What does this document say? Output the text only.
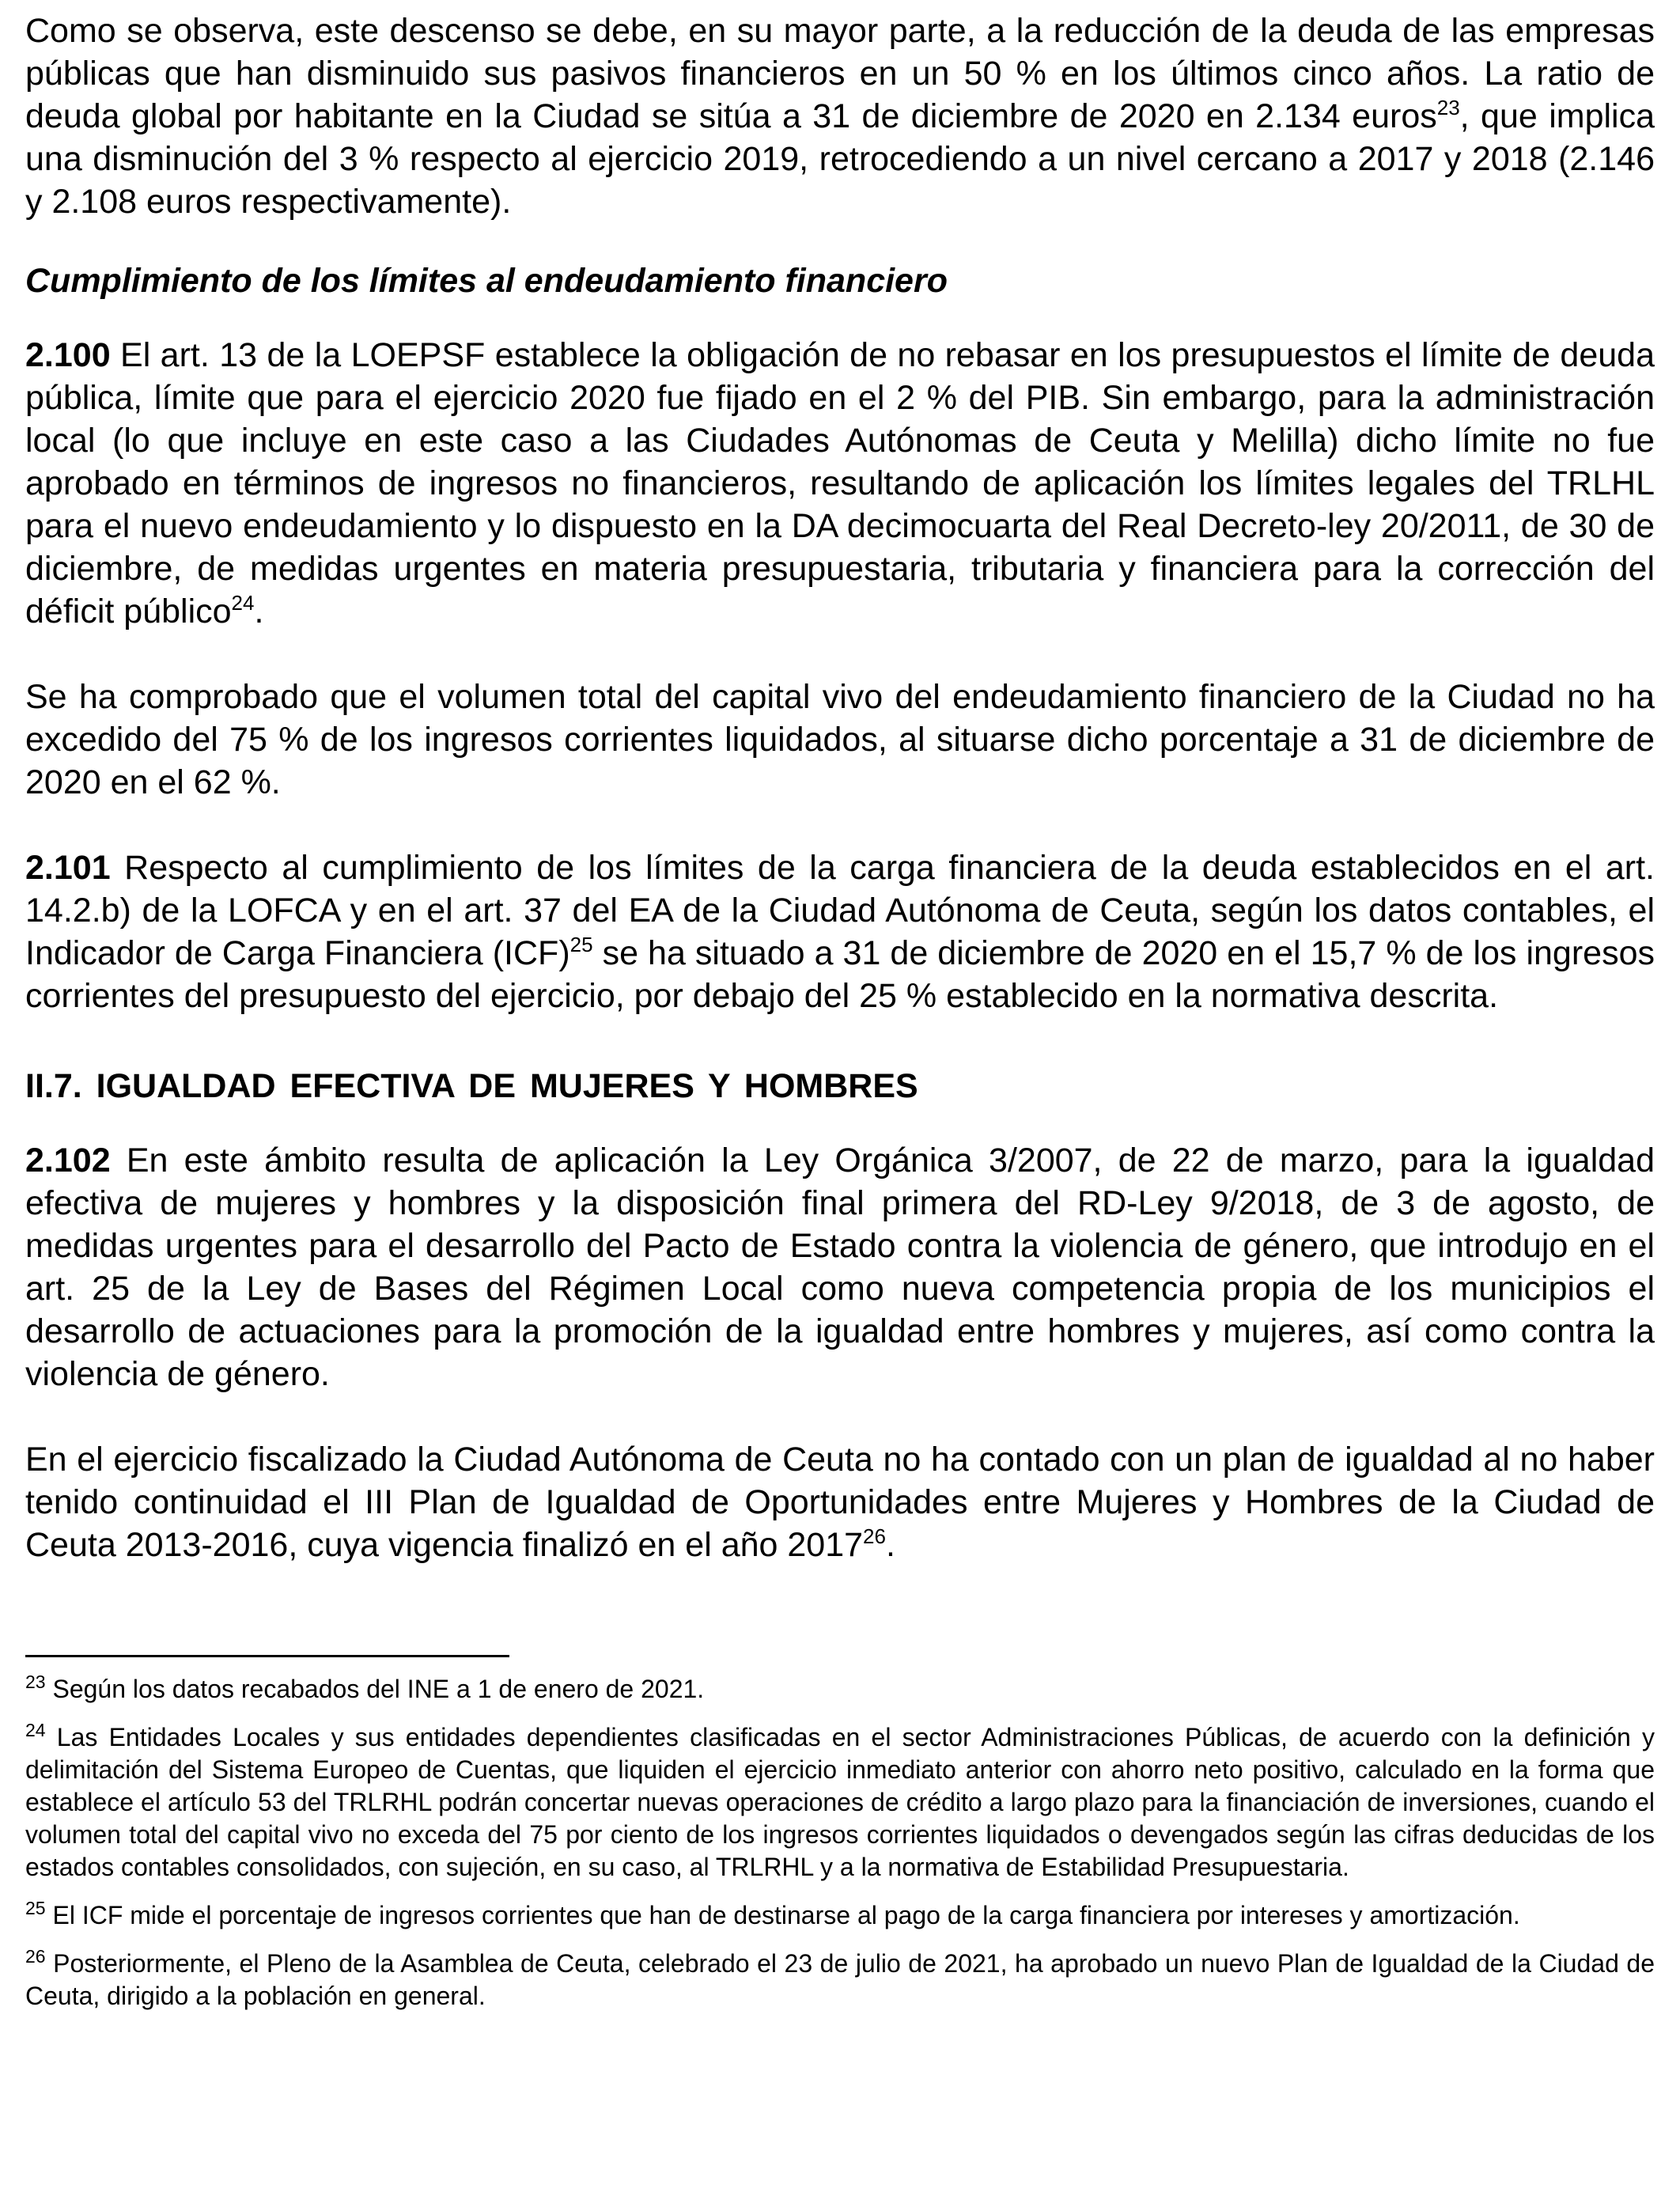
Como se observa, este descenso se debe, en su mayor parte, a la reducción de la deuda de las empresas públicas que han disminuido sus pasivos financieros en un 50 % en los últimos cinco años. La ratio de deuda global por habitante en la Ciudad se sitúa a 31 de diciembre de 2020 en 2.134 euros$^{23}$, que implica una disminución del 3 % respecto al ejercicio 2019, retrocediendo a un nivel cercano a 2017 y 2018 (2.146 y 2.108 euros respectivamente).

Cumplimiento de los límites al endeudamiento financiero

2.100 El art. 13 de la LOEPSF establece la obligación de no rebasar en los presupuestos el límite de deuda pública, límite que para el ejercicio 2020 fue fijado en el 2 % del PIB. Sin embargo, para la administración local (lo que incluye en este caso a las Ciudades Autónomas de Ceuta y Melilla) dicho límite no fue aprobado en términos de ingresos no financieros, resultando de aplicación los límites legales del TRLHL para el nuevo endeudamiento y lo dispuesto en la DA decimocuarta del Real Decreto-ley 20/2011, de 30 de diciembre, de medidas urgentes en materia presupuestaria, tributaria y financiera para la corrección del déficit público$^{24}$.

Se ha comprobado que el volumen total del capital vivo del endeudamiento financiero de la Ciudad no ha excedido del 75 % de los ingresos corrientes liquidados, al situarse dicho porcentaje a 31 de diciembre de 2020 en el 62 %.

2.101 Respecto al cumplimiento de los límites de la carga financiera de la deuda establecidos en el art. 14.2.b) de la LOFCA y en el art. 37 del EA de la Ciudad Autónoma de Ceuta, según los datos contables, el Indicador de Carga Financiera (ICF)$^{25}$ se ha situado a 31 de diciembre de 2020 en el 15,7 % de los ingresos corrientes del presupuesto del ejercicio, por debajo del 25 % establecido en la normativa descrita.

II.7. IGUALDAD EFECTIVA DE MUJERES Y HOMBRES

2.102 En este ámbito resulta de aplicación la Ley Orgánica 3/2007, de 22 de marzo, para la igualdad efectiva de mujeres y hombres y la disposición final primera del RD-Ley 9/2018, de 3 de agosto, de medidas urgentes para el desarrollo del Pacto de Estado contra la violencia de género, que introdujo en el art. 25 de la Ley de Bases del Régimen Local como nueva competencia propia de los municipios el desarrollo de actuaciones para la promoción de la igualdad entre hombres y mujeres, así como contra la violencia de género.

En el ejercicio fiscalizado la Ciudad Autónoma de Ceuta no ha contado con un plan de igualdad al no haber tenido continuidad el III Plan de Igualdad de Oportunidades entre Mujeres y Hombres de la Ciudad de Ceuta 2013-2016, cuya vigencia finalizó en el año 2017$^{26}$.

$^{23}$ Según los datos recabados del INE a 1 de enero de 2021.

$^{24}$ Las Entidades Locales y sus entidades dependientes clasificadas en el sector Administraciones Públicas, de acuerdo con la definición y delimitación del Sistema Europeo de Cuentas, que liquiden el ejercicio inmediato anterior con ahorro neto positivo, calculado en la forma que establece el artículo 53 del TRLRHL podrán concertar nuevas operaciones de crédito a largo plazo para la financiación de inversiones, cuando el volumen total del capital vivo no exceda del 75 por ciento de los ingresos corrientes liquidados o devengados según las cifras deducidas de los estados contables consolidados, con sujeción, en su caso, al TRLRHL y a la normativa de Estabilidad Presupuestaria.

$^{25}$ El ICF mide el porcentaje de ingresos corrientes que han de destinarse al pago de la carga financiera por intereses y amortización.

$^{26}$ Posteriormente, el Pleno de la Asamblea de Ceuta, celebrado el 23 de julio de 2021, ha aprobado un nuevo Plan de Igualdad de la Ciudad de Ceuta, dirigido a la población en general.
